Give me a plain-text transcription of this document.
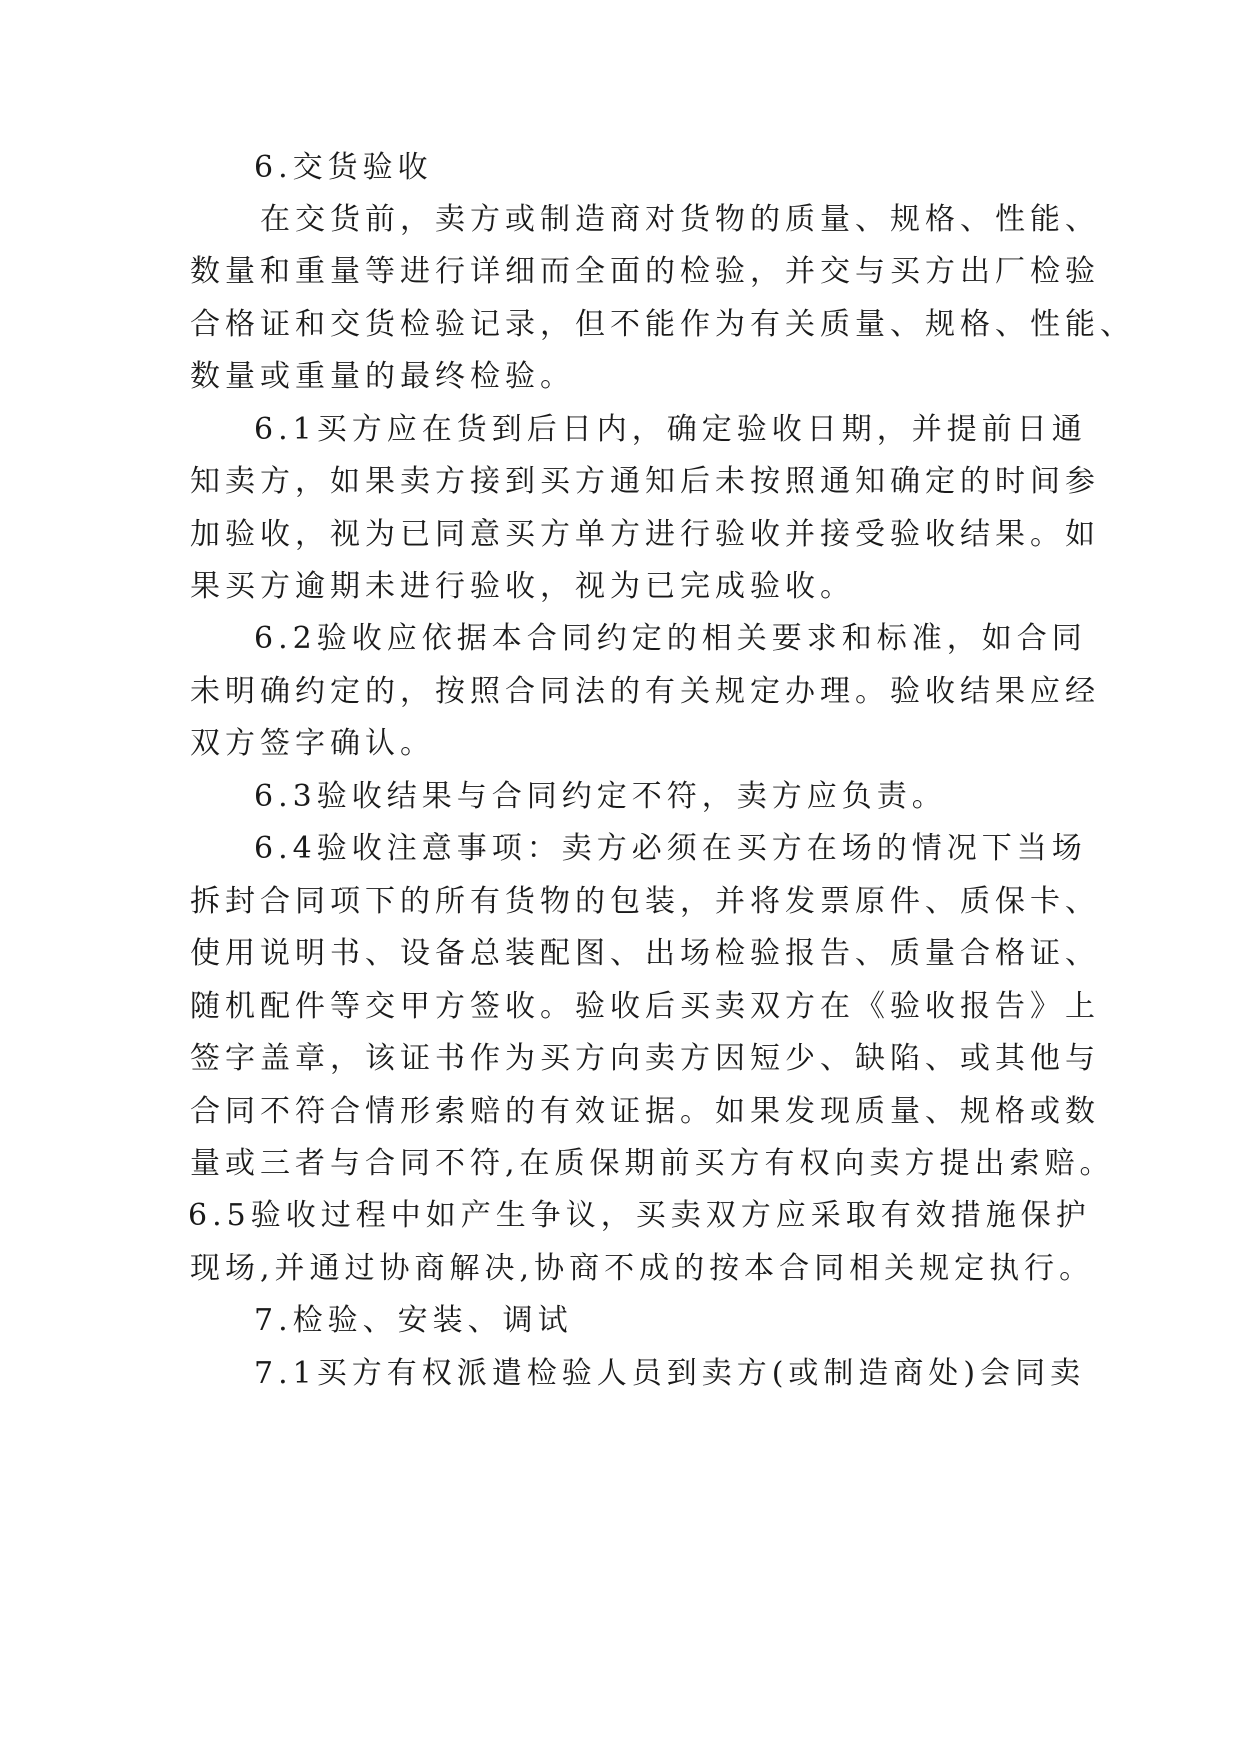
6.交货验收
在交货前，卖方或制造商对货物的质量、规格、性能、
数量和重量等进行详细而全面的检验，并交与买方出厂检验
合格证和交货检验记录，但不能作为有关质量、规格、性能、
数量或重量的最终检验。
6.1买方应在货到后日内，确定验收日期，并提前日通
知卖方，如果卖方接到买方通知后未按照通知确定的时间参
加验收，视为已同意买方单方进行验收并接受验收结果。如
果买方逾期未进行验收，视为已完成验收。
6.2验收应依据本合同约定的相关要求和标准，如合同
未明确约定的，按照合同法的有关规定办理。验收结果应经
双方签字确认。
6.3验收结果与合同约定不符，卖方应负责。
6.4验收注意事项：卖方必须在买方在场的情况下当场
拆封合同项下的所有货物的包装，并将发票原件、质保卡、
使用说明书、设备总装配图、出场检验报告、质量合格证、
随机配件等交甲方签收。验收后买卖双方在《验收报告》上
签字盖章，该证书作为买方向卖方因短少、缺陷、或其他与
合同不符合情形索赔的有效证据。如果发现质量、规格或数
量或三者与合同不符,在质保期前买方有权向卖方提出索赔。
6.5验收过程中如产生争议，买卖双方应采取有效措施保护
现场,并通过协商解决,协商不成的按本合同相关规定执行。
7.检验、安装、调试
7.1买方有权派遣检验人员到卖方(或制造商处)会同卖
